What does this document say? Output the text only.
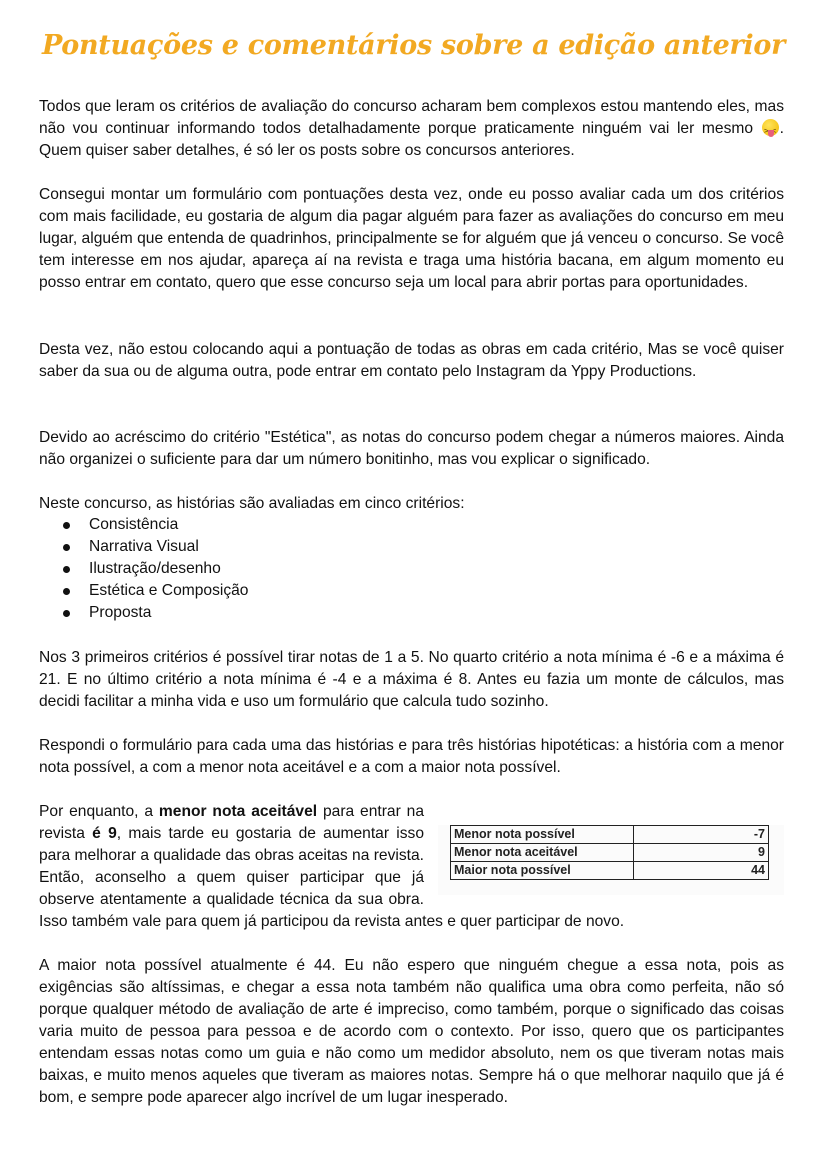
Pontuações e comentários sobre a edição anterior

Todos que leram os critérios de avaliação do concurso acharam bem complexos estou mantendo eles, mas não vou continuar informando todos detalhadamente porque praticamente ninguém vai ler mesmo > <. Quem quiser saber detalhes, é só ler os posts sobre os concursos anteriores.

Consegui montar um formulário com pontuações desta vez, onde eu posso avaliar cada um dos critérios com mais facilidade, eu gostaria de algum dia pagar alguém para fazer as avaliações do concurso em meu lugar, alguém que entenda de quadrinhos, principalmente se for alguém que já venceu o concurso. Se você tem interesse em nos ajudar, apareça aí na revista e traga uma história bacana, em algum momento eu posso entrar em contato, quero que esse concurso seja um local para abrir portas para oportunidades.

Desta vez, não estou colocando aqui a pontuação de todas as obras em cada critério, Mas se você quiser saber da sua ou de alguma outra, pode entrar em contato pelo Instagram da Yppy Productions.

Devido ao acréscimo do critério "Estética", as notas do concurso podem chegar a números maiores. Ainda não organizei o suficiente para dar um número bonitinho, mas vou explicar o significado.

Neste concurso, as histórias são avaliadas em cinco critérios:

Consistência
Narrativa Visual
Ilustração/desenho
Estética e Composição
Proposta

Nos 3 primeiros critérios é possível tirar notas de 1 a 5. No quarto critério a nota mínima é -6 e a máxima é 21. E no último critério a nota mínima é -4 e a máxima é 8. Antes eu fazia um monte de cálculos, mas decidi facilitar a minha vida e uso um formulário que calcula tudo sozinho.

Respondi o formulário para cada uma das histórias e para três histórias hipotéticas: a história com a menor nota possível, a com a menor nota aceitável e a com a maior nota possível.

Menor nota possível	-7
Menor nota aceitável	9
Maior nota possível	44
Por enquanto, a menor nota aceitável para entrar na revista é 9, mais tarde eu gostaria de aumentar isso para melhorar a qualidade das obras aceitas na revista. Então, aconselho a quem quiser participar que já observe atentamente a qualidade técnica da sua obra. Isso também vale para quem já participou da revista antes e quer participar de novo.

A maior nota possível atualmente é 44. Eu não espero que ninguém chegue a essa nota, pois as exigências são altíssimas, e chegar a essa nota também não qualifica uma obra como perfeita, não só porque qualquer método de avaliação de arte é impreciso, como também, porque o significado das coisas varia muito de pessoa para pessoa e de acordo com o contexto. Por isso, quero que os participantes entendam essas notas como um guia e não como um medidor absoluto, nem os que tiveram notas mais baixas, e muito menos aqueles que tiveram as maiores notas. Sempre há o que melhorar naquilo que já é bom, e sempre pode aparecer algo incrível de um lugar inesperado.
